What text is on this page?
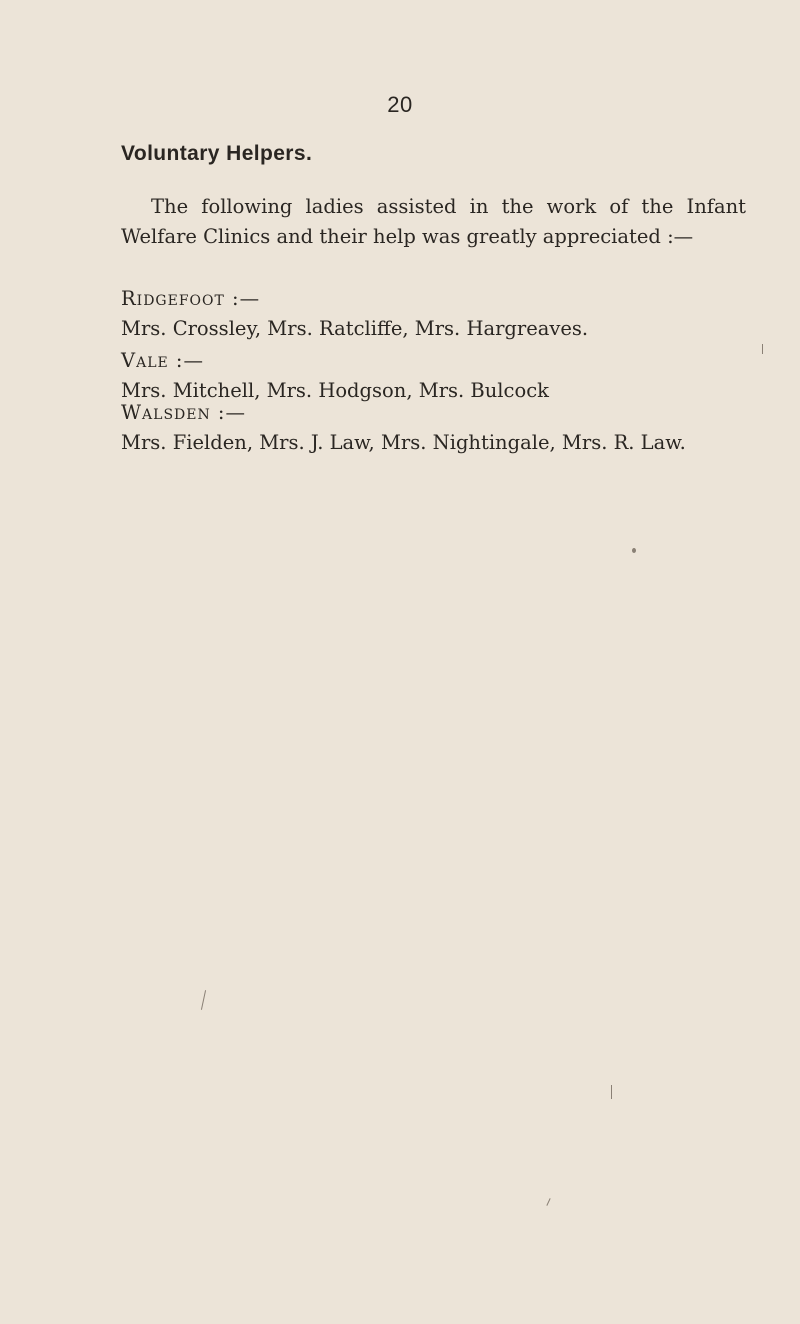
20
Voluntary Helpers.

The following ladies assisted in the work of the Infant Welfare Clinics and their help was greatly appreciated :—

Ridgefoot :—

Mrs. Crossley, Mrs. Ratcliffe, Mrs. Hargreaves.

Vale :—

Mrs. Mitchell, Mrs. Hodgson, Mrs. Bulcock

Walsden :—

Mrs. Fielden, Mrs. J. Law, Mrs. Nightingale, Mrs. R. Law.
